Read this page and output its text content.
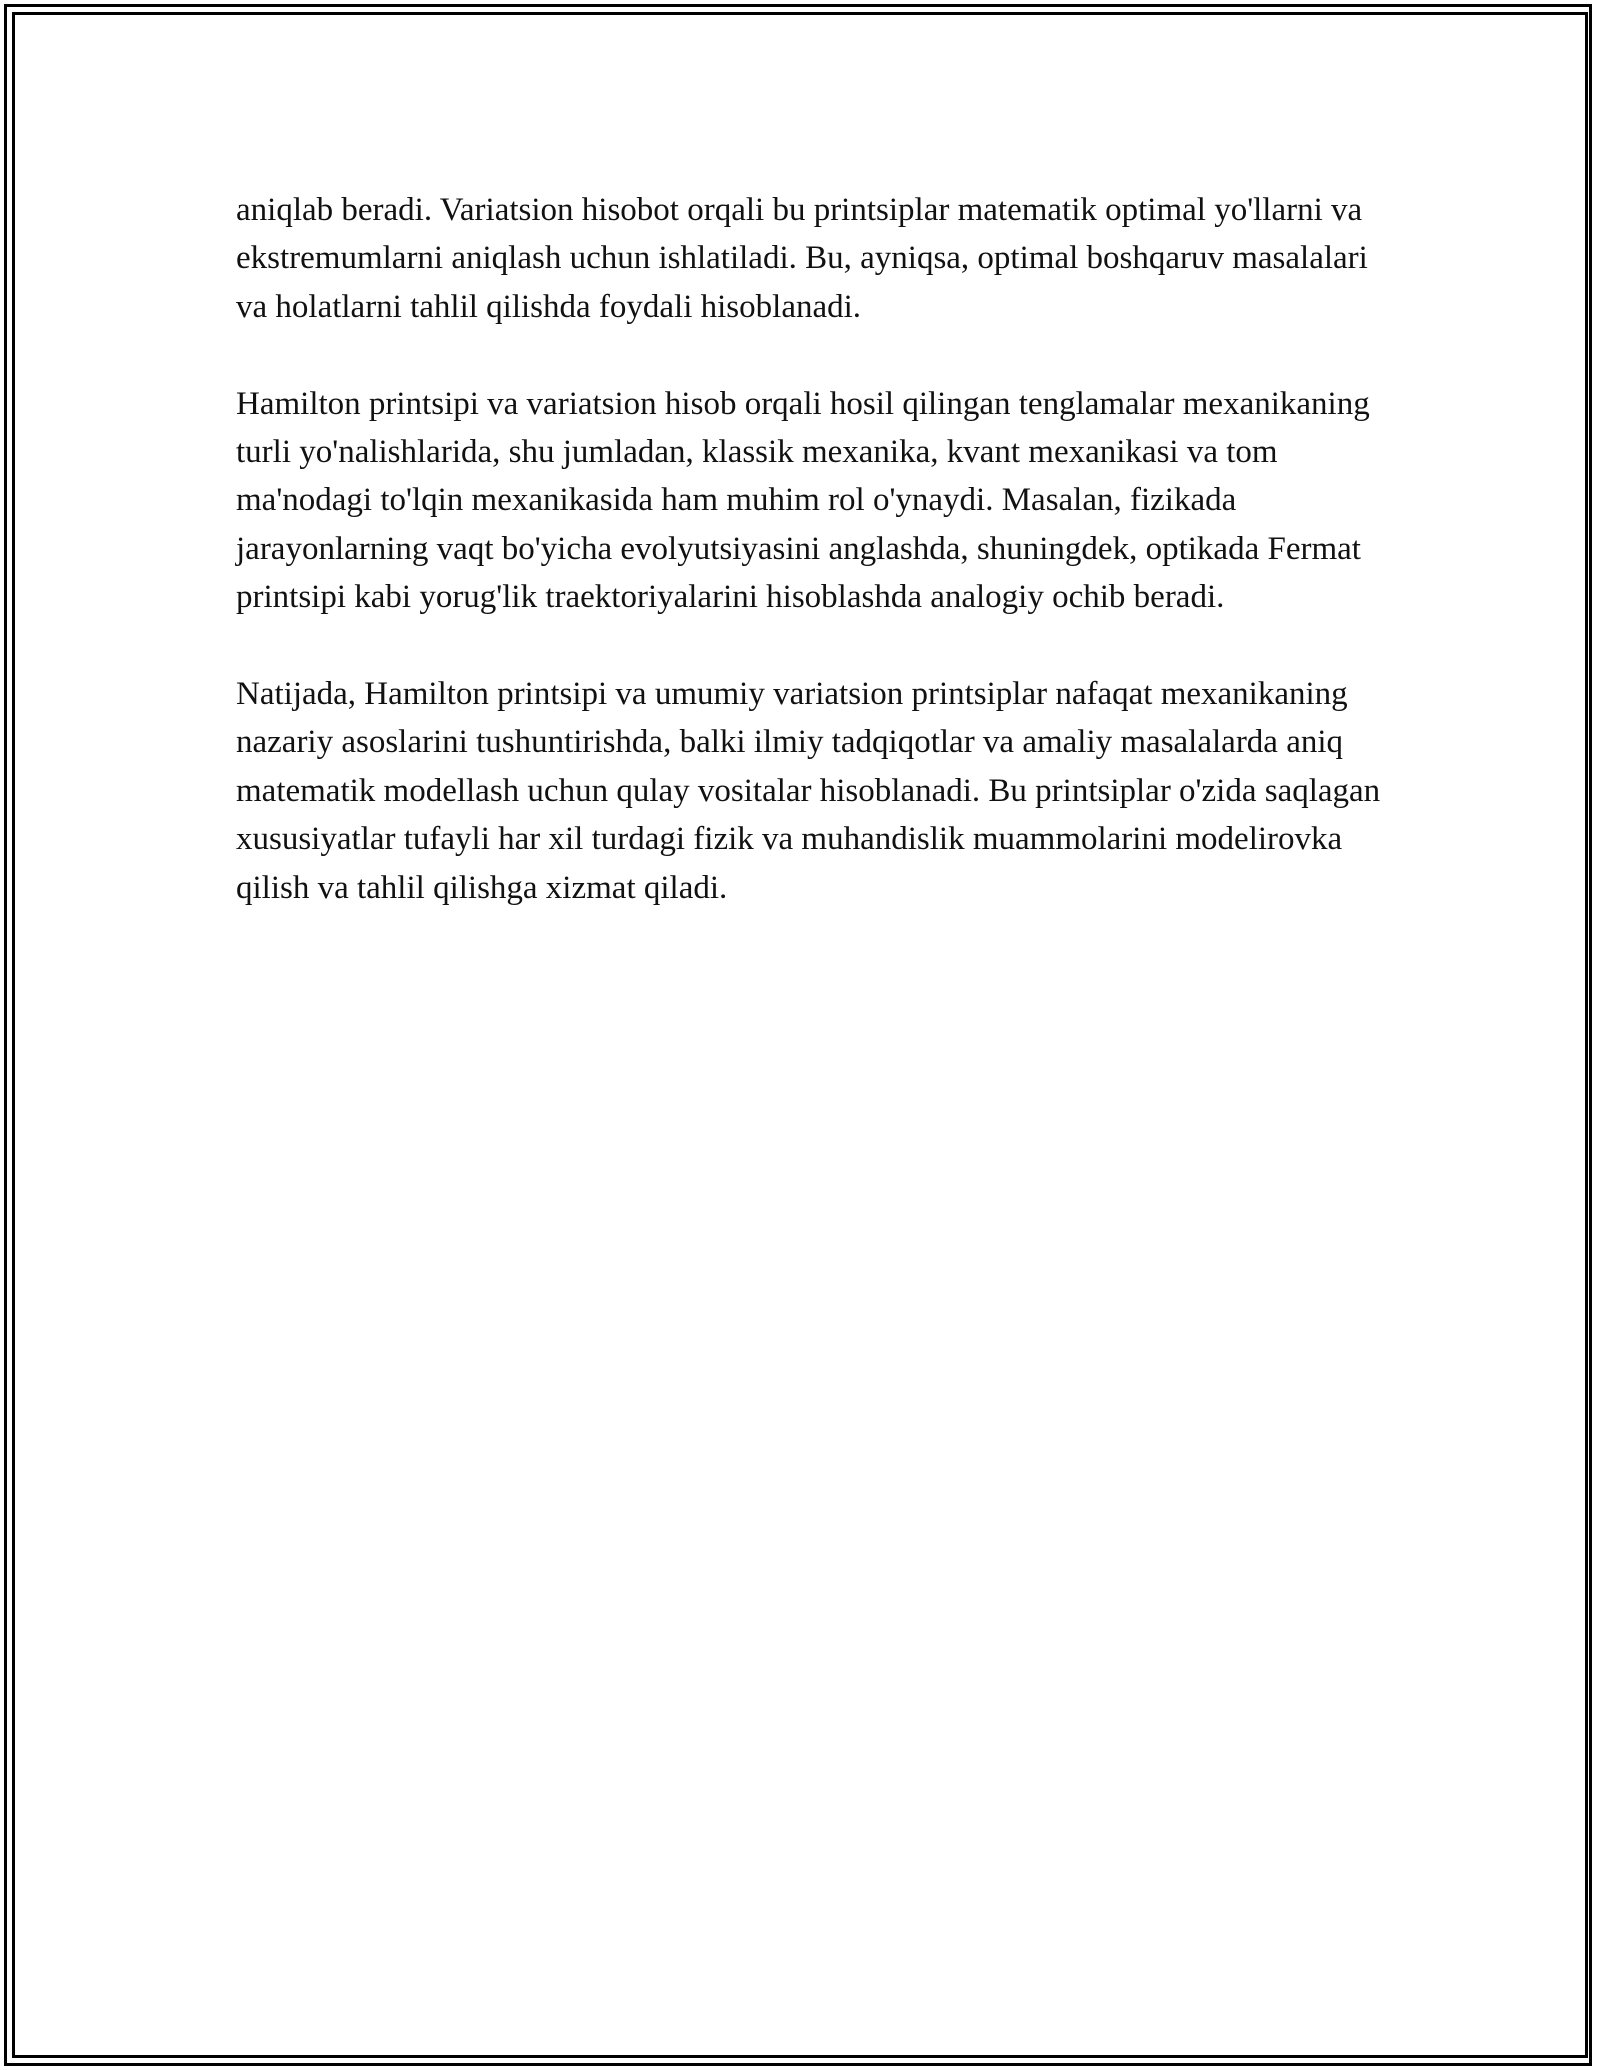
aniqlab beradi. Variatsion hisobot orqali bu printsiplar matematik optimal yo'llarni va ekstremumlarni aniqlash uchun ishlatiladi. Bu, ayniqsa, optimal boshqaruv masalalari va holatlarni tahlil qilishda foydali hisoblanadi.

Hamilton printsipi va variatsion hisob orqali hosil qilingan tenglamalar mexanikaning turli yo'nalishlarida, shu jumladan, klassik mexanika, kvant mexanikasi va tom ma'nodagi to'lqin mexanikasida ham muhim rol o'ynaydi. Masalan, fizikada jarayonlarning vaqt bo'yicha evolyutsiyasini anglashda, shuningdek, optikada Fermat printsipi kabi yorug'lik traektoriyalarini hisoblashda analogiy ochib beradi.

Natijada, Hamilton printsipi va umumiy variatsion printsiplar nafaqat mexanikaning nazariy asoslarini tushuntirishda, balki ilmiy tadqiqotlar va amaliy masalalarda aniq matematik modellash uchun qulay vositalar hisoblanadi. Bu printsiplar o'zida saqlagan xususiyatlar tufayli har xil turdagi fizik va muhandislik muammolarini modelirovka qilish va tahlil qilishga xizmat qiladi.
